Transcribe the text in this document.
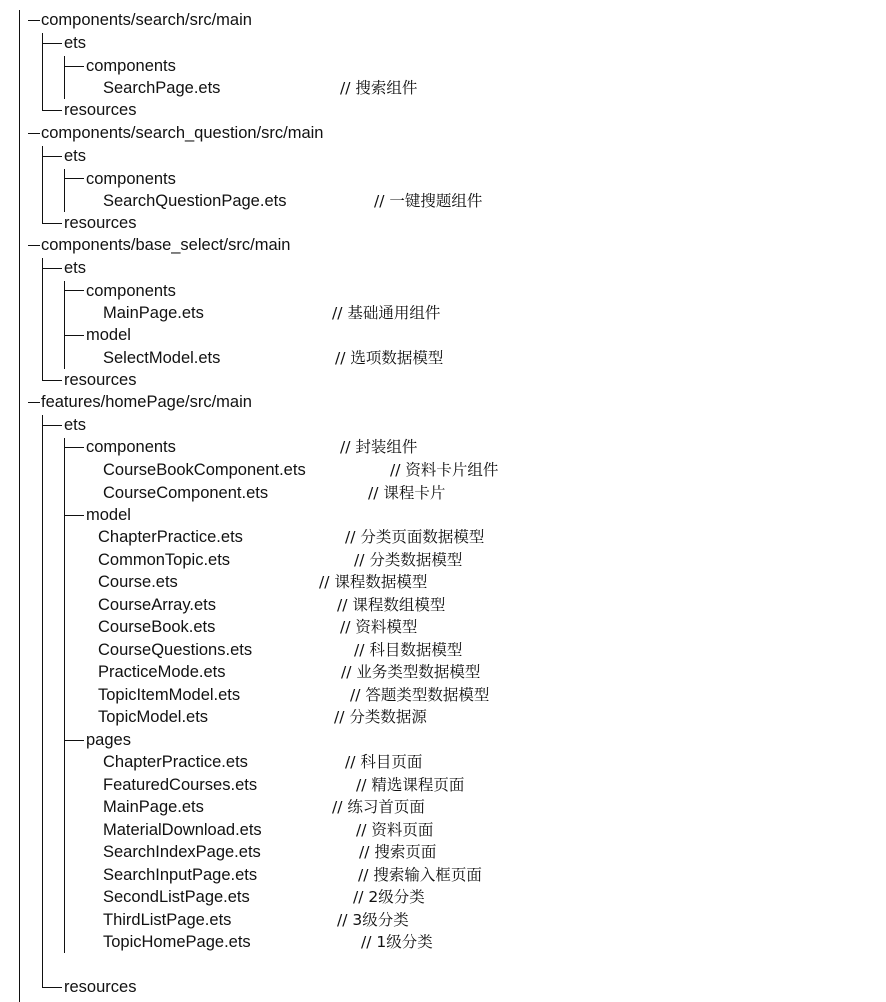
components/search/src/main
ets
components
SearchPage.ets	// 搜索组件
resources
components/search_question/src/main
ets
components
SearchQuestionPage.ets	// 一键搜题组件
resources
components/base_select/src/main
ets
components
MainPage.ets	// 基础通用组件
model
SelectModel.ets	// 选项数据模型
resources
features/homePage/src/main
ets
components	// 封装组件
CourseBookComponent.ets	// 资料卡片组件
CourseComponent.ets	// 课程卡片
model
ChapterPractice.ets	// 分类页面数据模型
CommonTopic.ets	// 分类数据模型
Course.ets	// 课程数据模型
CourseArray.ets	// 课程数组模型
CourseBook.ets	// 资料模型
CourseQuestions.ets	// 科目数据模型
PracticeMode.ets	// 业务类型数据模型
TopicItemModel.ets	// 答题类型数据模型
TopicModel.ets	// 分类数据源
pages
ChapterPractice.ets	// 科目页面
FeaturedCourses.ets	// 精选课程页面
MainPage.ets	// 练习首页面
MaterialDownload.ets	// 资料页面
SearchIndexPage.ets	// 搜索页面
SearchInputPage.ets	// 搜索输入框页面
SecondListPage.ets	// 2级分类
ThirdListPage.ets	// 3级分类
TopicHomePage.ets	// 1级分类
resources
